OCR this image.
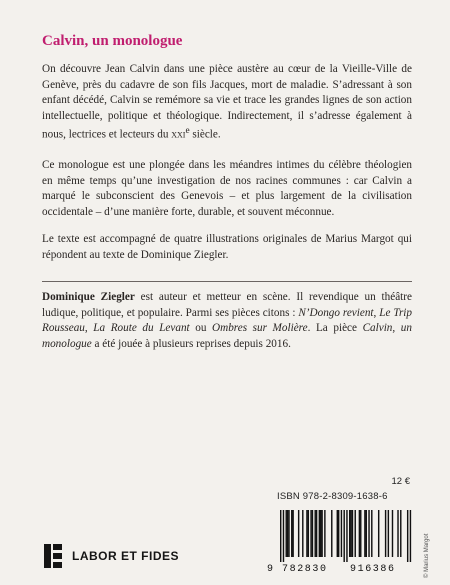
Calvin, un monologue

On découvre Jean Calvin dans une pièce austère au cœur de la Vieille-Ville de Genève, près du cadavre de son fils Jacques, mort de maladie. S’adressant à son enfant décédé, Calvin se remémore sa vie et trace les grandes lignes de son action intellectuelle, politique et théologique. Indirectement, il s’adresse également à nous, lectrices et lecteurs du xxi$^e$ siècle.

Ce monologue est une plongée dans les méandres intimes du célèbre théologien en même temps qu’une investigation de nos racines communes : car Calvin a marqué le subconscient des Genevois – et plus largement de la civilisation occidentale – d’une manière forte, durable, et souvent méconnue.

Le texte est accompagné de quatre illustrations originales de Marius Margot qui répondent au texte de Dominique Ziegler.

Dominique Ziegler est auteur et metteur en scène. Il revendique un théâtre ludique, politique, et populaire. Parmi ses pièces citons : N’Dongo revient, Le Trip Rousseau, La Route du Levant ou Ombres sur Molière. La pièce Calvin, un monologue a été jouée à plusieurs reprises depuis 2016.

12 €
ISBN 978-2-8309-1638-6
9 782830 916386	© Marius Margot
LABOR ET FIDES
